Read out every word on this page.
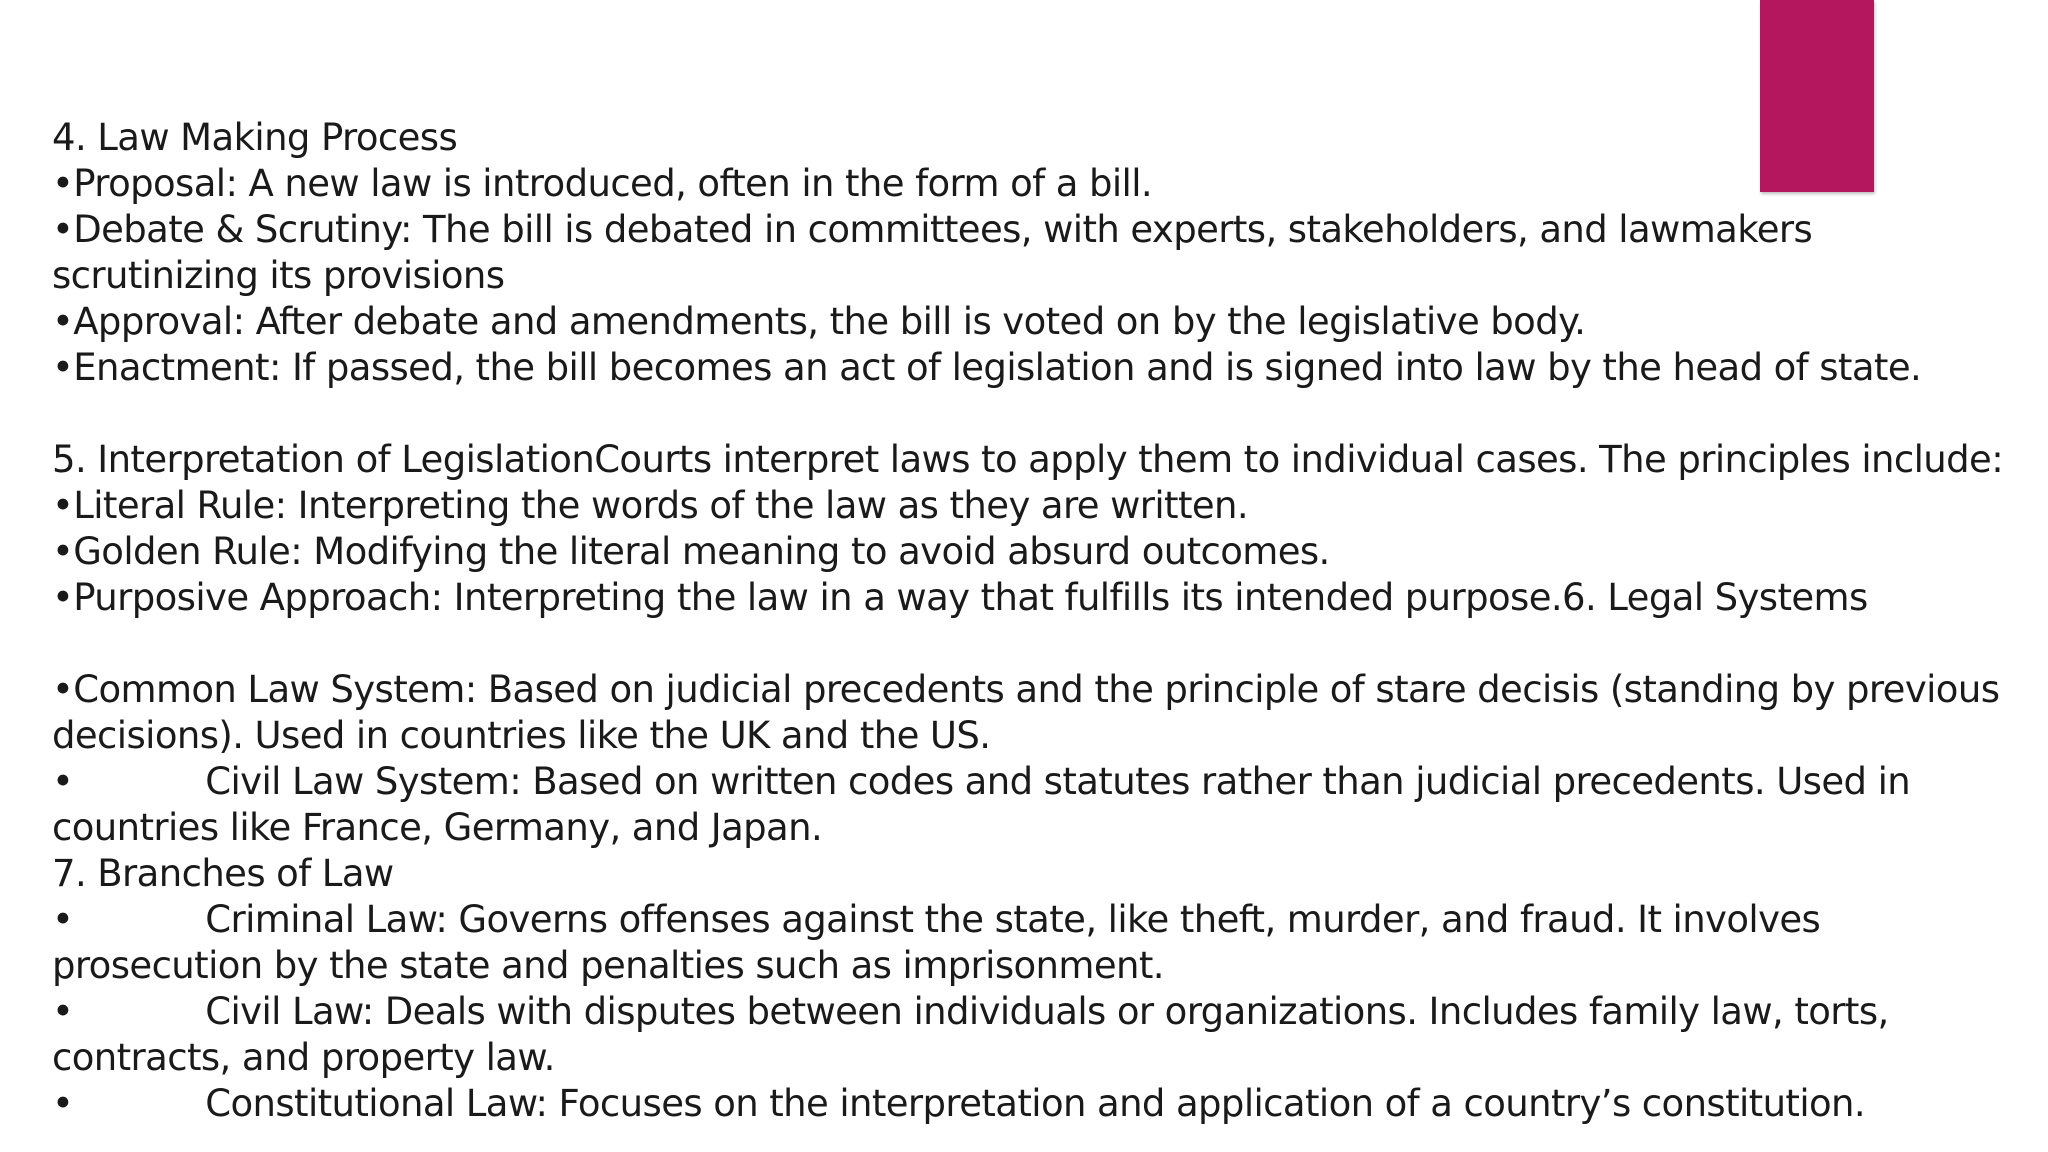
4. Law Making Process

•Proposal: A new law is introduced, often in the form of a bill.

•Debate & Scrutiny: The bill is debated in committees, with experts, stakeholders, and lawmakers scrutinizing its provisions

•Approval: After debate and amendments, the bill is voted on by the legislative body.

•Enactment: If passed, the bill becomes an act of legislation and is signed into law by the head of state.

5. Interpretation of LegislationCourts interpret laws to apply them to individual cases. The principles include:

•Literal Rule: Interpreting the words of the law as they are written.

•Golden Rule: Modifying the literal meaning to avoid absurd outcomes.

•Purposive Approach: Interpreting the law in a way that fulfills its intended purpose.6. Legal Systems

•Common Law System: Based on judicial precedents and the principle of stare decisis (standing by previous decisions). Used in countries like the UK and the US.

•	Civil Law System: Based on written codes and statutes rather than judicial precedents. Used in countries like France, Germany, and Japan.

7. Branches of Law

•	Criminal Law: Governs offenses against the state, like theft, murder, and fraud. It involves prosecution by the state and penalties such as imprisonment.

•	Civil Law: Deals with disputes between individuals or organizations. Includes family law, torts, contracts, and property law.

•	Constitutional Law: Focuses on the interpretation and application of a country’s constitution.
